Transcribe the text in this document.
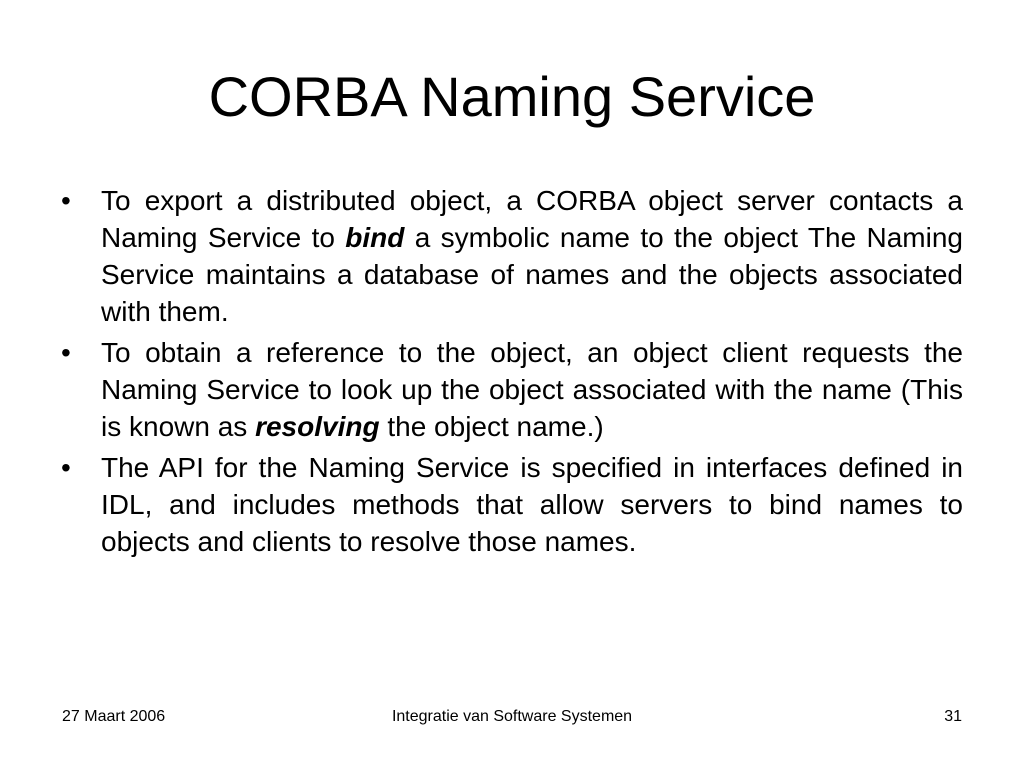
CORBA Naming Service
•	To export a distributed object, a CORBA object server contacts a Naming Service to bind a symbolic name to the object The Naming Service maintains a database of names and the objects associated with them.
•	To obtain a reference to the object, an object client requests the Naming Service to look up the object associated with the name (This is known as resolving the object name.)
•	The API for the Naming Service is specified in interfaces defined in IDL, and includes methods that allow servers to bind names to objects and clients to resolve those names.
27 Maart 2006	Integratie van Software Systemen	31
